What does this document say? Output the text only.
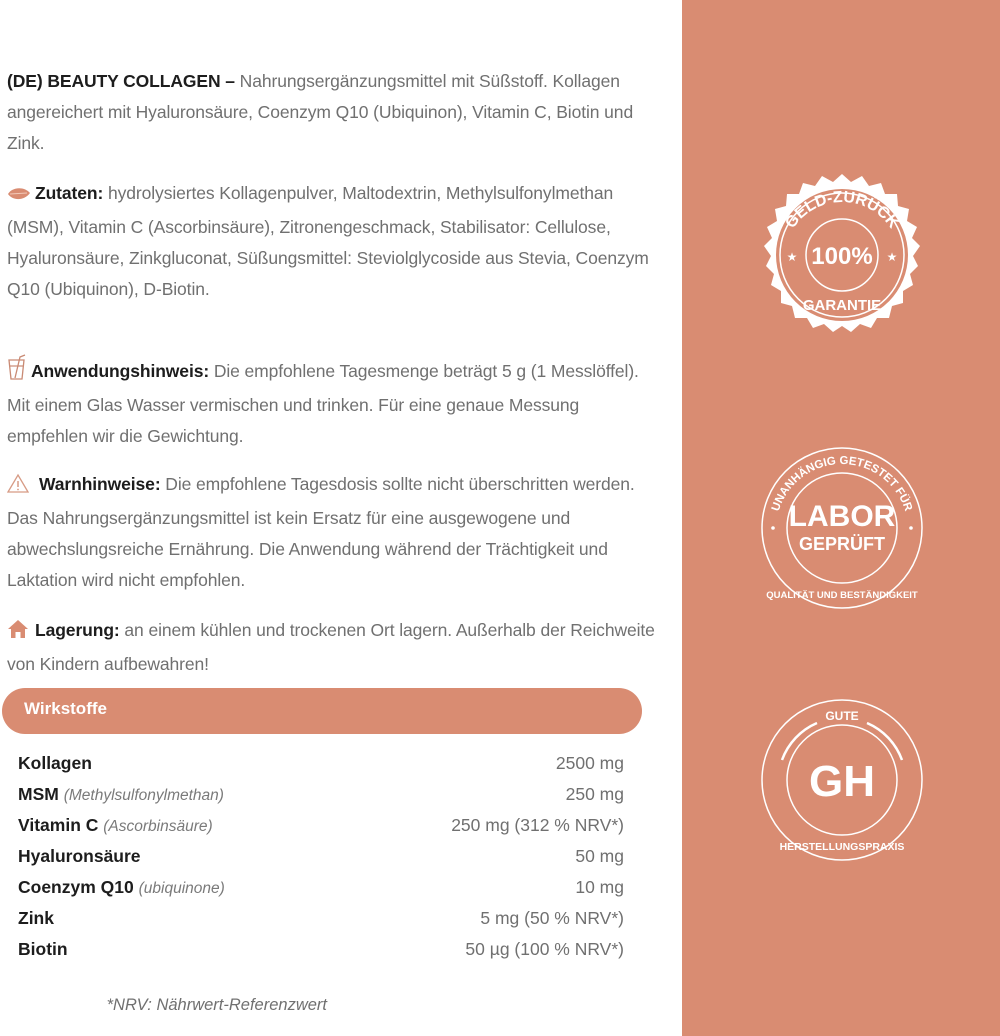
(DE) BEAUTY COLLAGEN – Nahrungsergänzungsmittel mit Süßstoff. Kollagen angereichert mit Hyaluronsäure, Coenzym Q10 (Ubiquinon), Vitamin C, Biotin und Zink.
Zutaten: hydrolysiertes Kollagenpulver, Maltodextrin, Methylsulfonylmethan (MSM), Vitamin C (Ascorbinsäure), Zitronengeschmack, Stabilisator: Cellulose, Hyaluronsäure, Zinkgluconat, Süßungsmittel: Steviolglycoside aus Stevia, Coenzym Q10 (Ubiquinon), D-Biotin.
Anwendungshinweis: Die empfohlene Tagesmenge beträgt 5 g (1 Messlöffel). Mit einem Glas Wasser vermischen und trinken. Für eine genaue Messung empfehlen wir die Gewichtung.
Warnhinweise: Die empfohlene Tagesdosis sollte nicht überschritten werden. Das Nahrungsergänzungsmittel ist kein Ersatz für eine ausgewogene und abwechslungsreiche Ernährung. Die Anwendung während der Trächtigkeit und Laktation wird nicht empfohlen.
Lagerung: an einem kühlen und trockenen Ort lagern. Außerhalb der Reichweite von Kindern aufbewahren!
Wirkstoffe
Kollagen	2500 mg
MSM (Methylsulfonylmethan)	250 mg
Vitamin C (Ascorbinsäure)	250 mg (312 % NRV*)
Hyaluronsäure	50 mg
Coenzym Q10 (ubiquinone)	10 mg
Zink	5 mg (50 % NRV*)
Biotin	50 µg (100 % NRV*)
*NRV: Nährwert-Referenzwert
GELD-ZURÜCK
100%
★	★
GARANTIE
UNANHÄNGIG GETESTET FÜR
LABOR
GEPRÜFT
QUALITÄT UND BESTÄNDIGKEIT
GUTE
GH
HERSTELLUNGSPRAXIS
